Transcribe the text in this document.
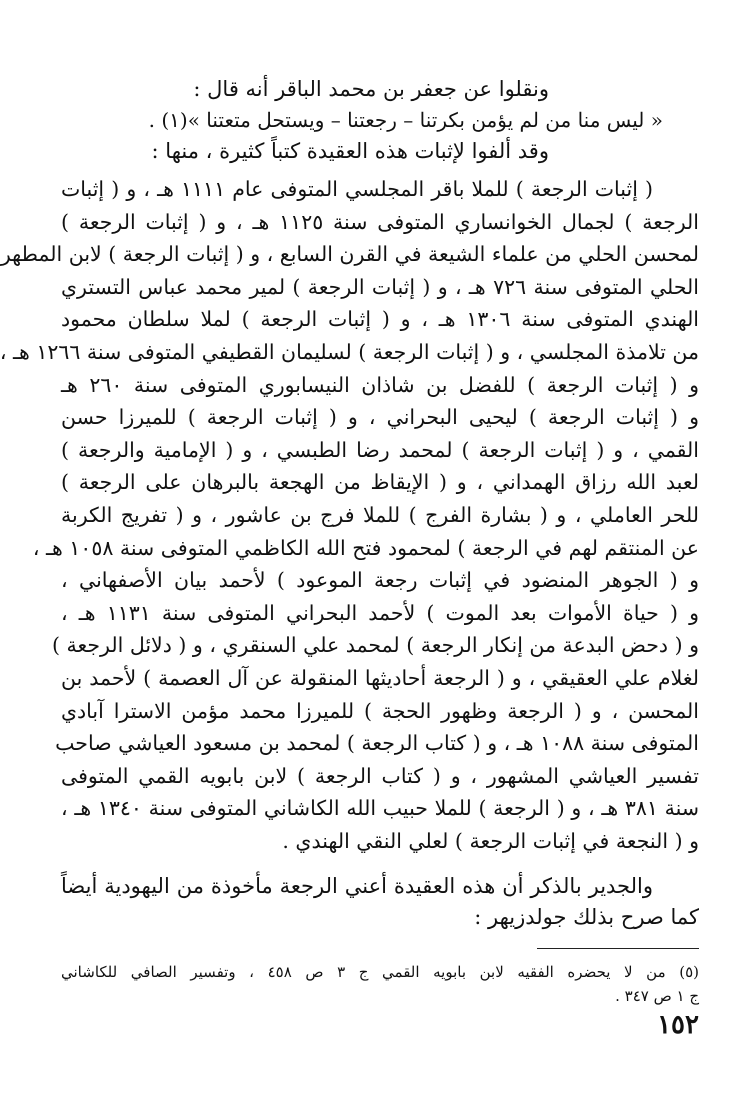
ونقلوا عن جعفر بن محمد الباقر أنه قال :
« ليس منا من لم يؤمن بكرتنا – رجعتنا – ويستحل متعتنا »(١) .
وقد ألفوا لإثبات هذه العقيدة كتباً كثيرة ، منها :
( إثبات الرجعة ) للملا باقر المجلسي المتوفى عام ١١١١ هـ ، و ( إثبات
الرجعة ) لجمال الخوانساري المتوفى سنة ١١٢٥ هـ ، و ( إثبات الرجعة )
لمحسن الحلي من علماء الشيعة في القرن السابع ، و ( إثبات الرجعة ) لابن المطهر
الحلي المتوفى سنة ٧٢٦ هـ ، و ( إثبات الرجعة ) لمير محمد عباس التستري
الهندي المتوفى سنة ١٣٠٦ هـ ، و ( إثبات الرجعة ) لملا سلطان محمود
من تلامذة المجلسي ، و ( إثبات الرجعة ) لسليمان القطيفي المتوفى سنة ١٢٦٦ هـ ،
و ( إثبات الرجعة ) للفضل بن شاذان النيسابوري المتوفى سنة ٢٦٠ هـ
و ( إثبات الرجعة ) ليحيى البحراني ، و ( إثبات الرجعة ) للميرزا حسن
القمي ، و ( إثبات الرجعة ) لمحمد رضا الطبسي ، و ( الإمامية والرجعة )
لعبد الله رزاق الهمداني ، و ( الإيقاظ من الهجعة بالبرهان على الرجعة )
للحر العاملي ، و ( بشارة الفرج ) للملا فرج بن عاشور ، و ( تفريج الكربة
عن المنتقم لهم في الرجعة ) لمحمود فتح الله الكاظمي المتوفى سنة ١٠٥٨ هـ ،
و ( الجوهر المنضود في إثبات رجعة الموعود ) لأحمد بيان الأصفهاني ،
و ( حياة الأموات بعد الموت ) لأحمد البحراني المتوفى سنة ١١٣١ هـ ،
و ( دحض البدعة من إنكار الرجعة ) لمحمد علي السنقري ، و ( دلائل الرجعة )
لغلام علي العقيقي ، و ( الرجعة أحاديثها المنقولة عن آل العصمة ) لأحمد بن
المحسن ، و ( الرجعة وظهور الحجة ) للميرزا محمد مؤمن الاسترا آبادي
المتوفى سنة ١٠٨٨ هـ ، و ( كتاب الرجعة ) لمحمد بن مسعود العياشي صاحب
تفسير العياشي المشهور ، و ( كتاب الرجعة ) لابن بابويه القمي المتوفى
سنة ٣٨١ هـ ، و ( الرجعة ) للملا حبيب الله الكاشاني المتوفى سنة ١٣٤٠ هـ ،
و ( النجعة في إثبات الرجعة ) لعلي النقي الهندي .
والجدير بالذكر أن هذه العقيدة أعني الرجعة مأخوذة من اليهودية أيضاً
كما صرح بذلك جولدزيهر :
(٥) من لا يحضره الفقيه لابن بابويه القمي ج ٣ ص ٤٥٨ ، وتفسير الصافي للكاشاني
ج ١ ص ٣٤٧ .
١٥٢
